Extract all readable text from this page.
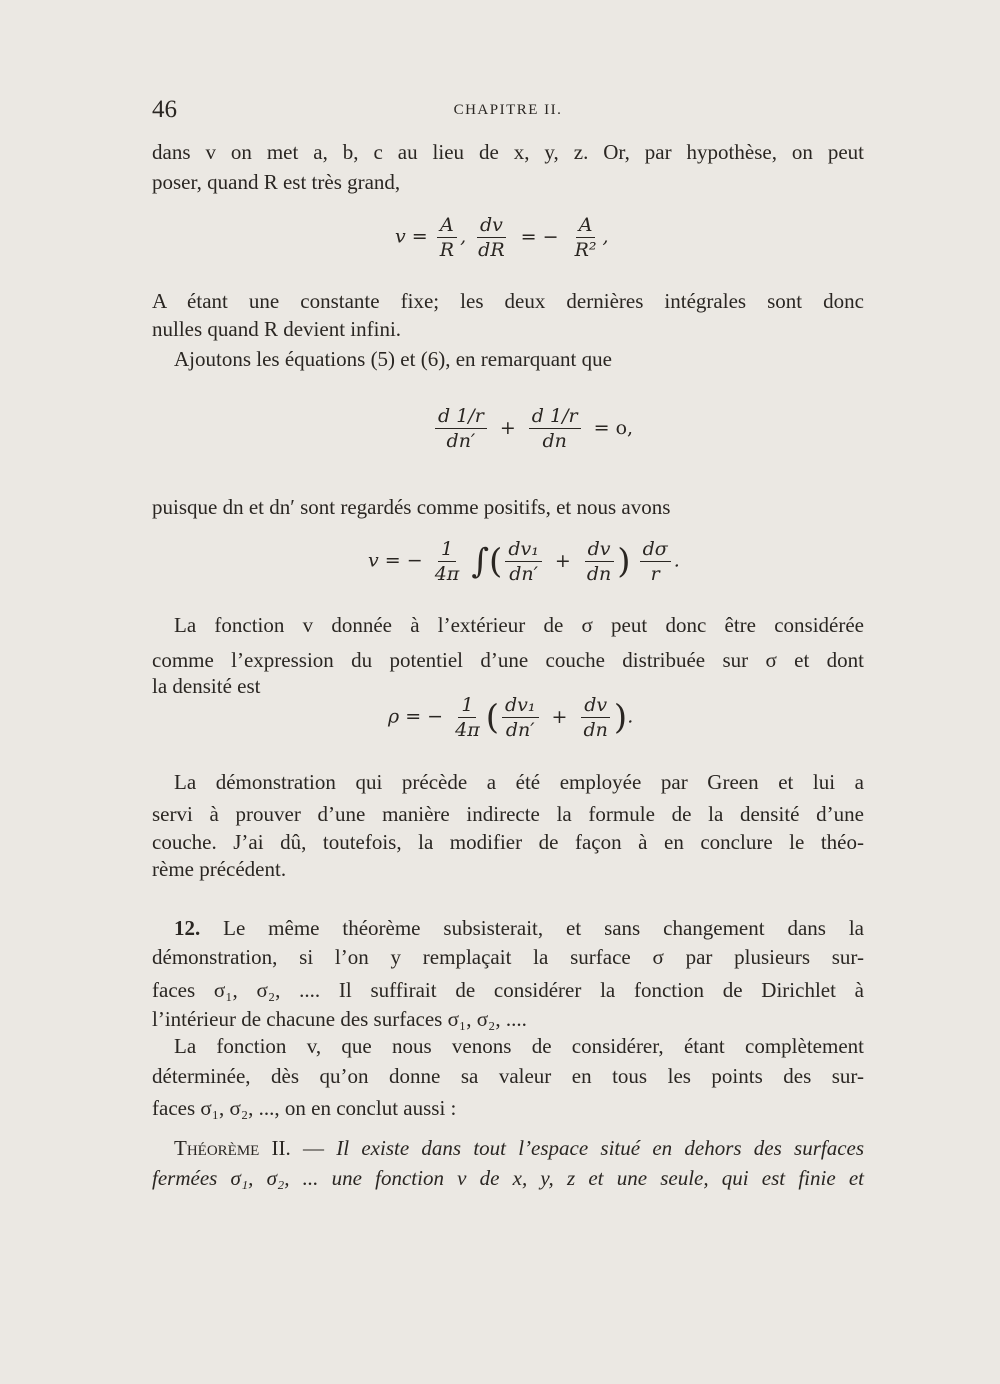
46	CHAPITRE II.
dans v on met a, b, c au lieu de x, y, z. Or, par hypothèse, on peut
poser, quand R est très grand,
$v = \frac{A}{R}$ , $\frac{dv}{dR}$ = − $\frac{A}{\text{R²}}$ ,
A étant une constante fixe; les deux dernières intégrales sont donc
nulles quand R devient infini.
Ajoutons les équations (5) et (6), en remarquant que
$\frac{d 1/r}{dn'} + \frac{d 1/r}{dn} = o$,
puisque dn et dn′ sont regardés comme positifs, et nous avons
v = − $\frac{1}{4\pi}$ ∫( $\frac{\text{dv₁}}{dn'} + \frac{dv}{dn}$ ) $\frac{d\sigma}{r}$ .
La fonction v donnée à l’extérieur de σ peut donc être considérée
comme l’expression du potentiel d’une couche distribuée sur σ et dont
la densité est
ρ = − $\frac{1}{4\pi}$ ( $\frac{\text{dv₁}}{dn'} + \frac{dv}{dn}$ ).
La démonstration qui précède a été employée par Green et lui a
servi à prouver d’une manière indirecte la formule de la densité d’une
couche. J’ai dû, toutefois, la modifier de façon à en conclure le théo-
rème précédent.
12. Le même théorème subsisterait, et sans changement dans la
démonstration, si l’on y remplaçait la surface σ par plusieurs sur-
faces σ₁, σ₂, .... Il suffirait de considérer la fonction de Dirichlet à
l’intérieur de chacune des surfaces σ₁, σ₂, ....
La fonction v, que nous venons de considérer, étant complètement
déterminée, dès qu’on donne sa valeur en tous les points des sur-
faces σ₁, σ₂, ..., on en conclut aussi :
Théorème II. — Il existe dans tout l’espace situé en dehors des surfaces
fermées σ₁, σ₂, ... une fonction v de x, y, z et une seule, qui est finie et
